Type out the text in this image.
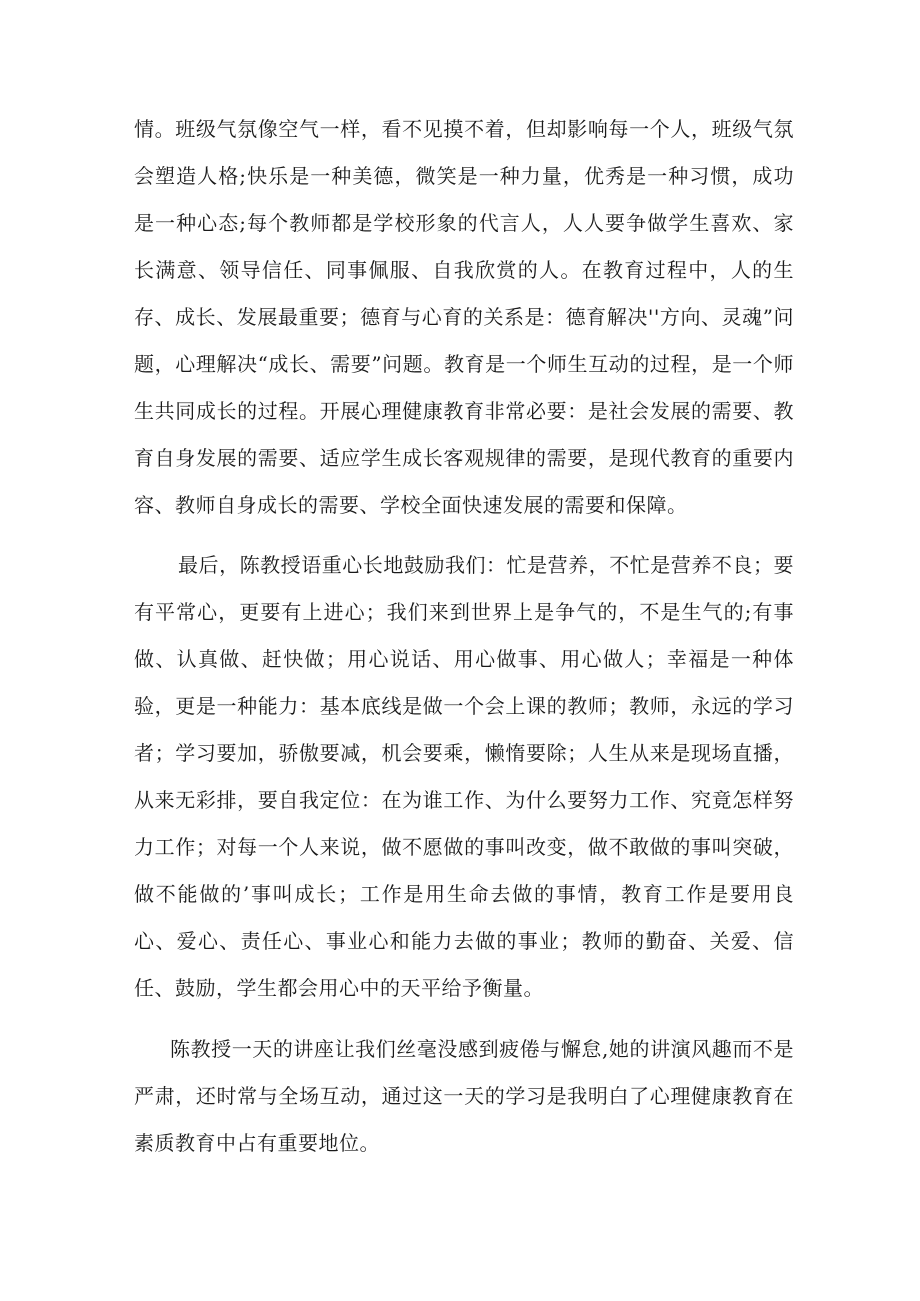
情。班级气氛像空气一样，看不见摸不着，但却影响每一个人，班级气氛会塑造人格;快乐是一种美德，微笑是一种力量，优秀是一种习惯，成功是一种心态;每个教师都是学校形象的代言人，人人要争做学生喜欢、家长满意、领导信任、同事佩服、自我欣赏的人。在教育过程中，人的生存、成长、发展最重要；德育与心育的关系是：德育解决''方向、灵魂”问题，心理解决“成长、需要”问题。教育是一个师生互动的过程，是一个师生共同成长的过程。开展心理健康教育非常必要：是社会发展的需要、教育自身发展的需要、适应学生成长客观规律的需要，是现代教育的重要内容、教师自身成长的需要、学校全面快速发展的需要和保障。

最后，陈教授语重心长地鼓励我们：忙是营养，不忙是营养不良；要有平常心，更要有上进心；我们来到世界上是争气的，不是生气的;有事做、认真做、赶快做；用心说话、用心做事、用心做人；幸福是一种体验，更是一种能力：基本底线是做一个会上课的教师；教师，永远的学习者；学习要加，骄傲要减，机会要乘，懒惰要除；人生从来是现场直播，从来无彩排，要自我定位：在为谁工作、为什么要努力工作、究竟怎样努力工作；对每一个人来说，做不愿做的事叫改变，做不敢做的事叫突破，做不能做的’事叫成长；工作是用生命去做的事情，教育工作是要用良心、爱心、责任心、事业心和能力去做的事业；教师的勤奋、关爱、信任、鼓励，学生都会用心中的天平给予衡量。

陈教授一天的讲座让我们丝毫没感到疲倦与懈怠,她的讲演风趣而不是严肃，还时常与全场互动，通过这一天的学习是我明白了心理健康教育在素质教育中占有重要地位。
